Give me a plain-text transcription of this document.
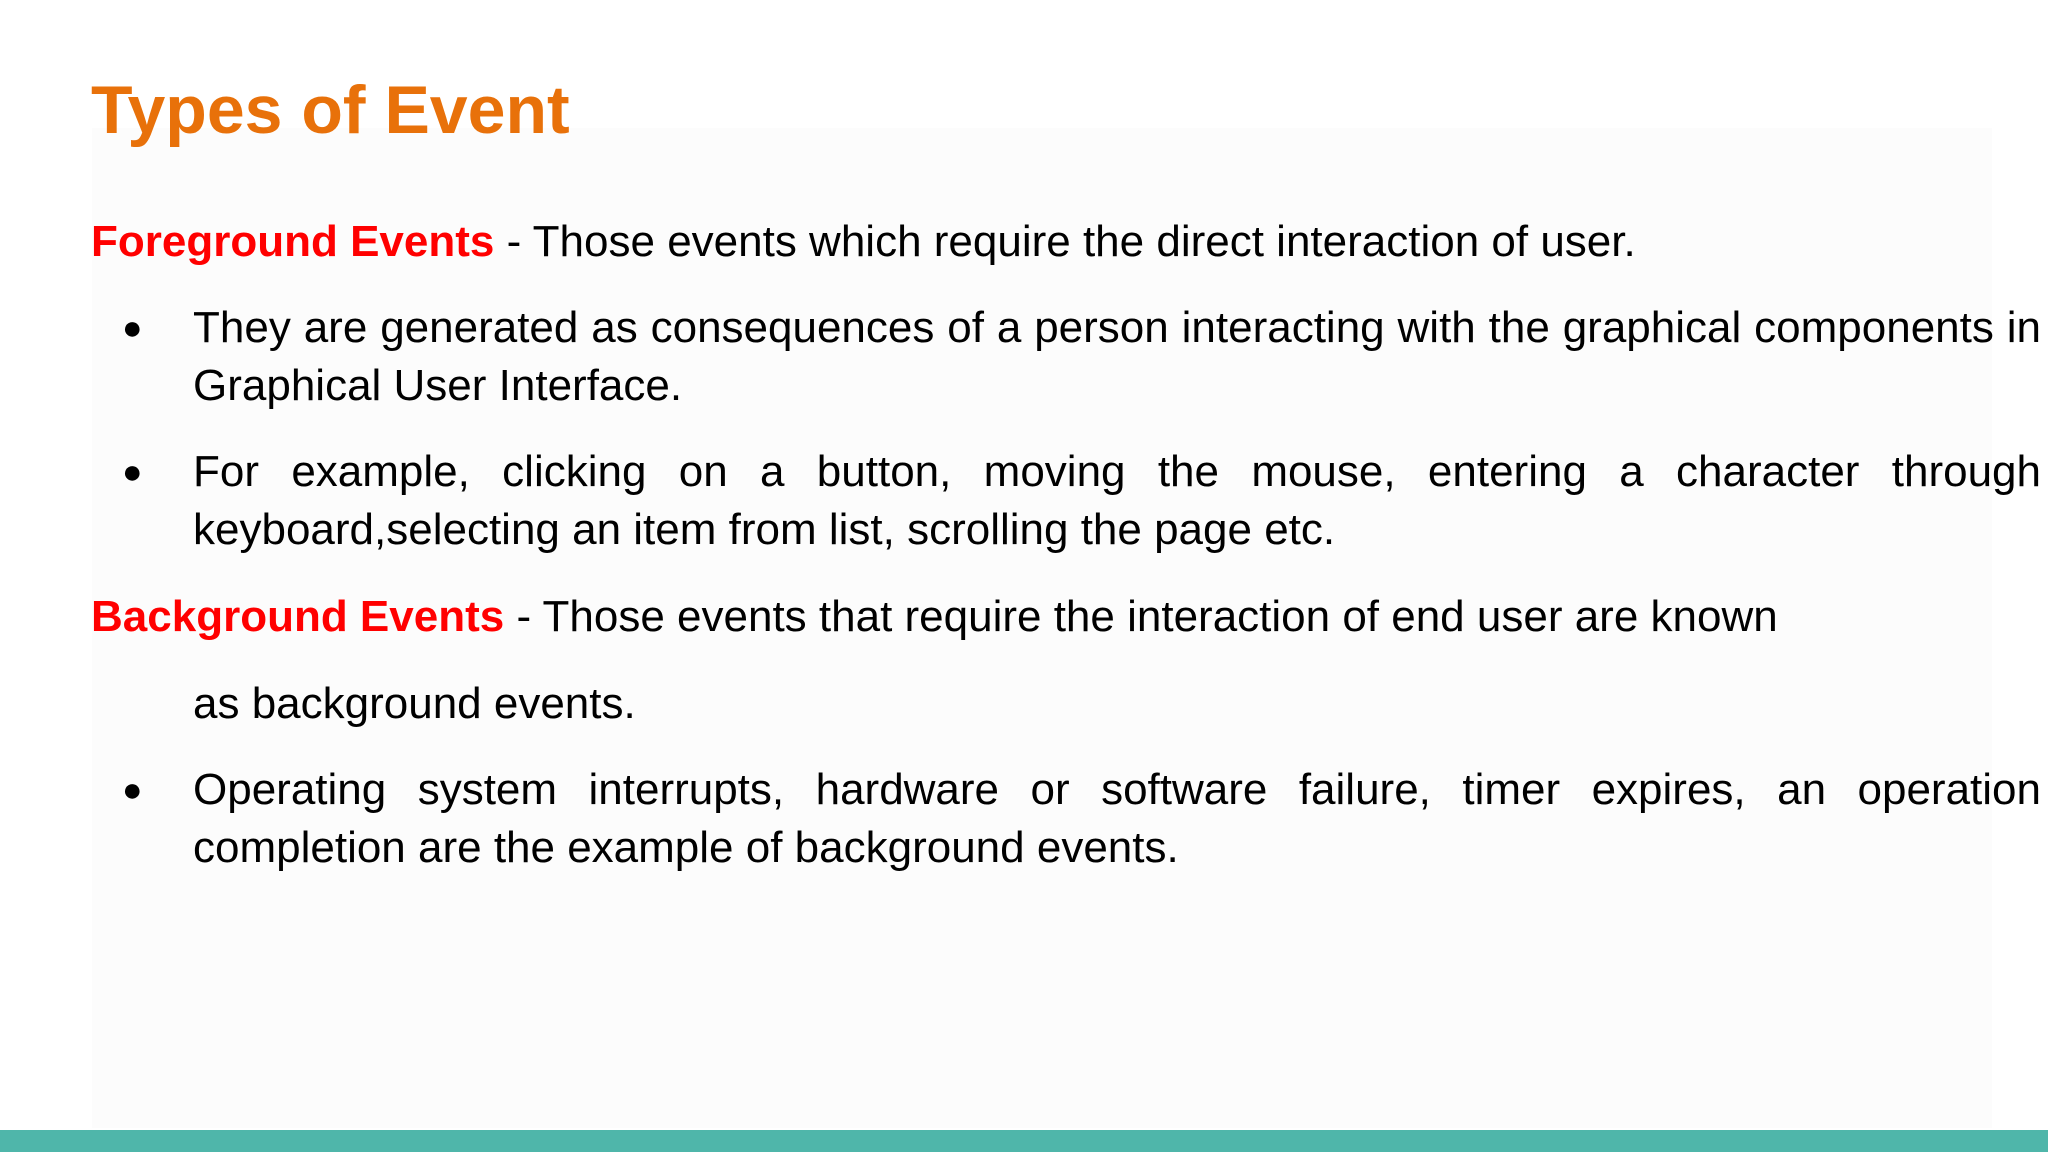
Types of Event
Foreground Events - Those events which require the direct interaction of user.
● They are generated as consequences of a person interacting with the graphical components in Graphical User Interface.
● For example, clicking on a button, moving the mouse, entering a character through keyboard,selecting an item from list, scrolling the page etc.
Background Events - Those events that require the interaction of end user are known
as background events.
● Operating system interrupts, hardware or software failure, timer expires, an operation completion are the example of background events.
